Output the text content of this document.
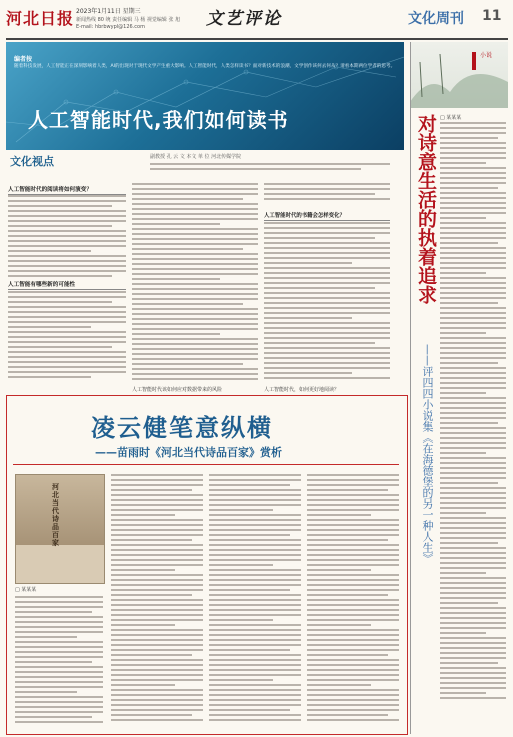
河北日报 2023年1月11日 星期三
新闻热线 80 统 责任编辑 马 杨 视觉编辑 张 旭
E-mail: hbrbwypl@126.com	文艺评论	文化周刊 11
编者按
随着科技发展，人工智能正在深刻影响着人类，AI的出现对于现代文学产生重大影响。人工智能时代，人类怎样读书？面对新技术的浪潮，文学创作该何去何从？请看本期两位学者的思考。
人工智能时代,我们如何读书
文化视点	副教授 孔 云 文 本文 单 位 河北传媒学院
人工智能时代的阅读将如何演变？
人工智能有哪些新的可能性
人工智能时代的书籍会怎样变化？
人工智能时代该如何应对数据带来的风险	人工智能时代，如何更好地阅读？
凌云健笔意纵横
——苗雨时《河北当代诗品百家》赏析
河北当代诗品百家
□ 某某某
小说
对诗意生活的执着追求
——评四四小说集《在海德堡的另一种人生》
□ 某某某
